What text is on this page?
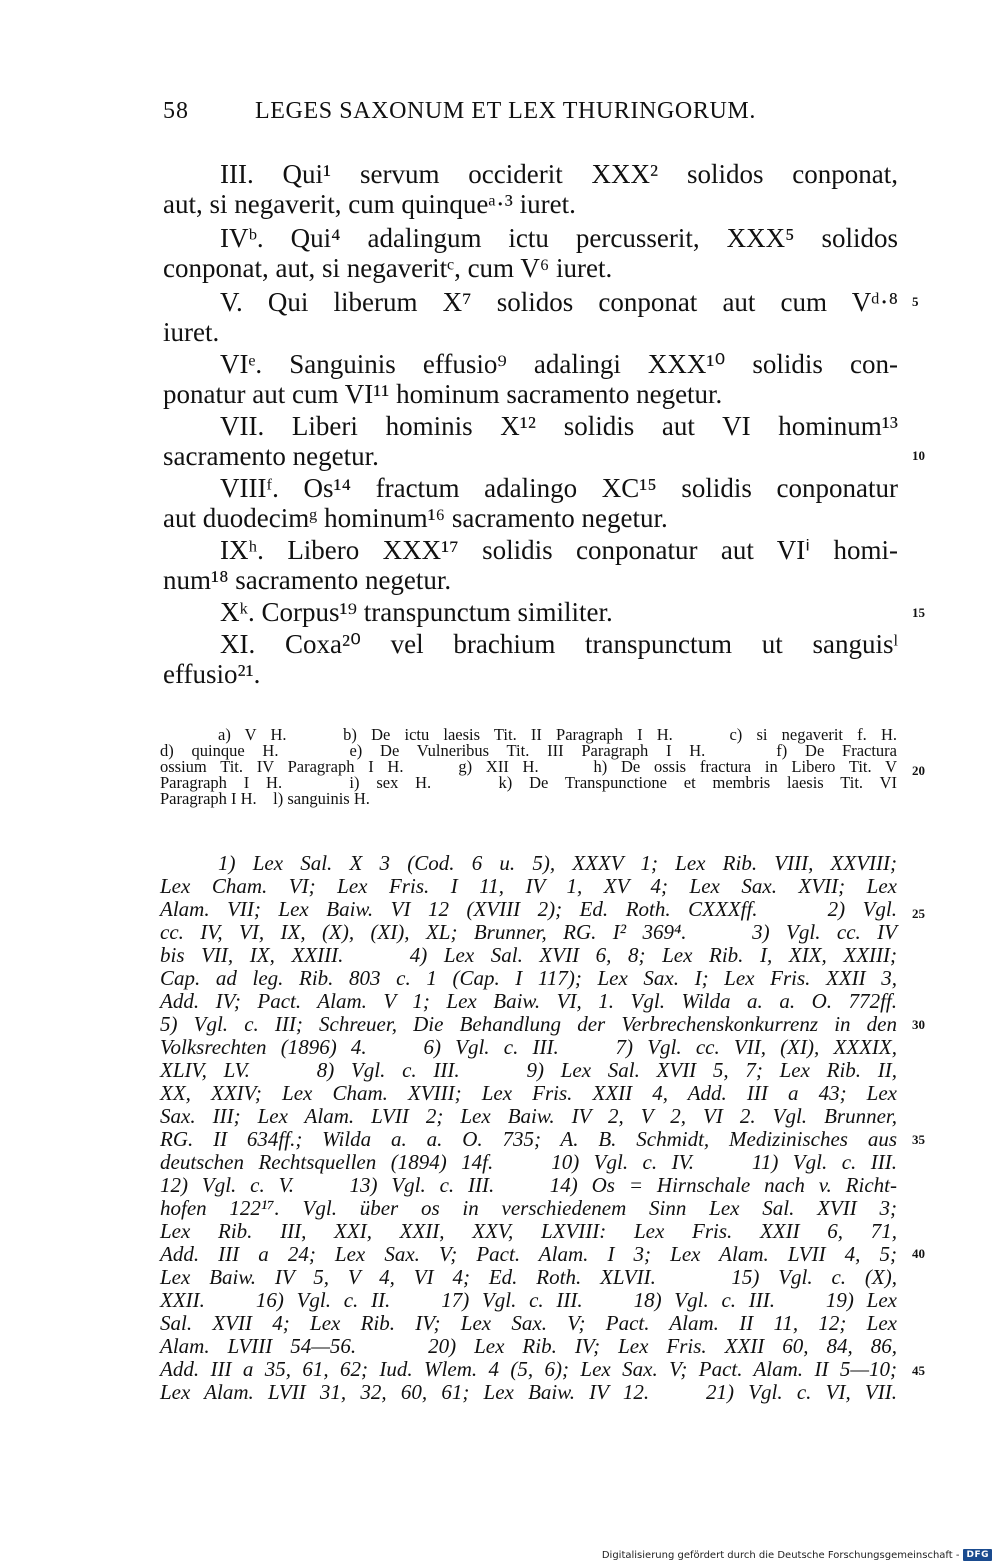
58	LEGES SAXONUM ET LEX THURINGORUM.
III. Qui¹ servum occiderit XXX² solidos conponat,
aut, si negaverit, cum quinqueᵃ·³ iuret.
IVᵇ. Qui⁴ adalingum ictu percusserit, XXX⁵ solidos
conponat, aut, si negaveritᶜ, cum V⁶ iuret.
V. Qui liberum X⁷ solidos conponat aut cum Vᵈ·⁸
iuret.
VIᵉ. Sanguinis effusio⁹ adalingi XXX¹⁰ solidis con-
ponatur aut cum VI¹¹ hominum sacramento negetur.
VII. Liberi hominis X¹² solidis aut VI hominum¹³
sacramento negetur.
VIIIᶠ. Os¹⁴ fractum adalingo XC¹⁵ solidis conponatur
aut duodecimᵍ hominum¹⁶ sacramento negetur.
IXʰ. Libero XXX¹⁷ solidis conponatur aut VIⁱ homi-
num¹⁸ sacramento negetur.
Xᵏ. Corpus¹⁹ transpunctum similiter.
XI. Coxa²⁰ vel brachium transpunctum ut sanguisˡ
effusio²¹.
a) V H.    b) De ictu laesis Tit. II Paragraph I H.    c) si negaverit f. H.
d) quinque H.    e) De Vulneribus Tit. III Paragraph I H.    f) De Fractura
ossium Tit. IV Paragraph I H.    g) XII H.    h) De ossis fractura in Libero Tit. V
Paragraph I H.    i) sex H.    k) De Transpunctione et membris laesis Tit. VI
Paragraph I H.    l) sanguinis H.
1) Lex Sal. X 3 (Cod. 6 u. 5), XXXV 1; Lex Rib. VIII, XXVIII;
Lex Cham. VI; Lex Fris. I 11, IV 1, XV 4; Lex Sax. XVII; Lex
Alam. VII; Lex Baiw. VI 12 (XVIII 2); Ed. Roth. CXXXff.    2) Vgl.
cc. IV, VI, IX, (X), (XI), XL; Brunner, RG. I² 369⁴.    3) Vgl. cc. IV
bis VII, IX, XXIII.    4) Lex Sal. XVII 6, 8; Lex Rib. I, XIX, XXIII;
Cap. ad leg. Rib. 803 c. 1 (Cap. I 117); Lex Sax. I; Lex Fris. XXII 3,
Add. IV; Pact. Alam. V 1; Lex Baiw. VI, 1. Vgl. Wilda a. a. O. 772ff.
5) Vgl. c. III; Schreuer, Die Behandlung der Verbrechenskonkurrenz in den
Volksrechten (1896) 4.    6) Vgl. c. III.    7) Vgl. cc. VII, (XI), XXXIX,
XLIV, LV.    8) Vgl. c. III.    9) Lex Sal. XVII 5, 7; Lex Rib. II,
XX, XXIV; Lex Cham. XVIII; Lex Fris. XXII 4, Add. III a 43; Lex
Sax. III; Lex Alam. LVII 2; Lex Baiw. IV 2, V 2, VI 2. Vgl. Brunner,
RG. II 634ff.; Wilda a. a. O. 735; A. B. Schmidt, Medizinisches aus
deutschen Rechtsquellen (1894) 14f.    10) Vgl. c. IV.    11) Vgl. c. III.
12) Vgl. c. V.    13) Vgl. c. III.    14) Os = Hirnschale nach v. Richt-
hofen 122¹⁷. Vgl. über os in verschiedenem Sinn Lex Sal. XVII 3;
Lex Rib. III, XXI, XXII, XXV, LXVIII: Lex Fris. XXII 6, 71,
Add. III a 24; Lex Sax. V; Pact. Alam. I 3; Lex Alam. LVII 4, 5;
Lex Baiw. IV 5, V 4, VI 4; Ed. Roth. XLVII.    15) Vgl. c. (X),
XXII.    16) Vgl. c. II.    17) Vgl. c. III.    18) Vgl. c. III.    19) Lex
Sal. XVII 4; Lex Rib. IV; Lex Sax. V; Pact. Alam. II 11, 12; Lex
Alam. LVIII 54—56.    20) Lex Rib. IV; Lex Fris. XXII 60, 84, 86,
Add. III a 35, 61, 62; Iud. Wlem. 4 (5, 6); Lex Sax. V; Pact. Alam. II 5—10;
Lex Alam. LVII 31, 32, 60, 61; Lex Baiw. IV 12.    21) Vgl. c. VI, VII.
5
10
15
20
25
30
35
40
45
Digitalisierung gefördert durch die Deutsche Forschungsgemeinschaft - DFG
